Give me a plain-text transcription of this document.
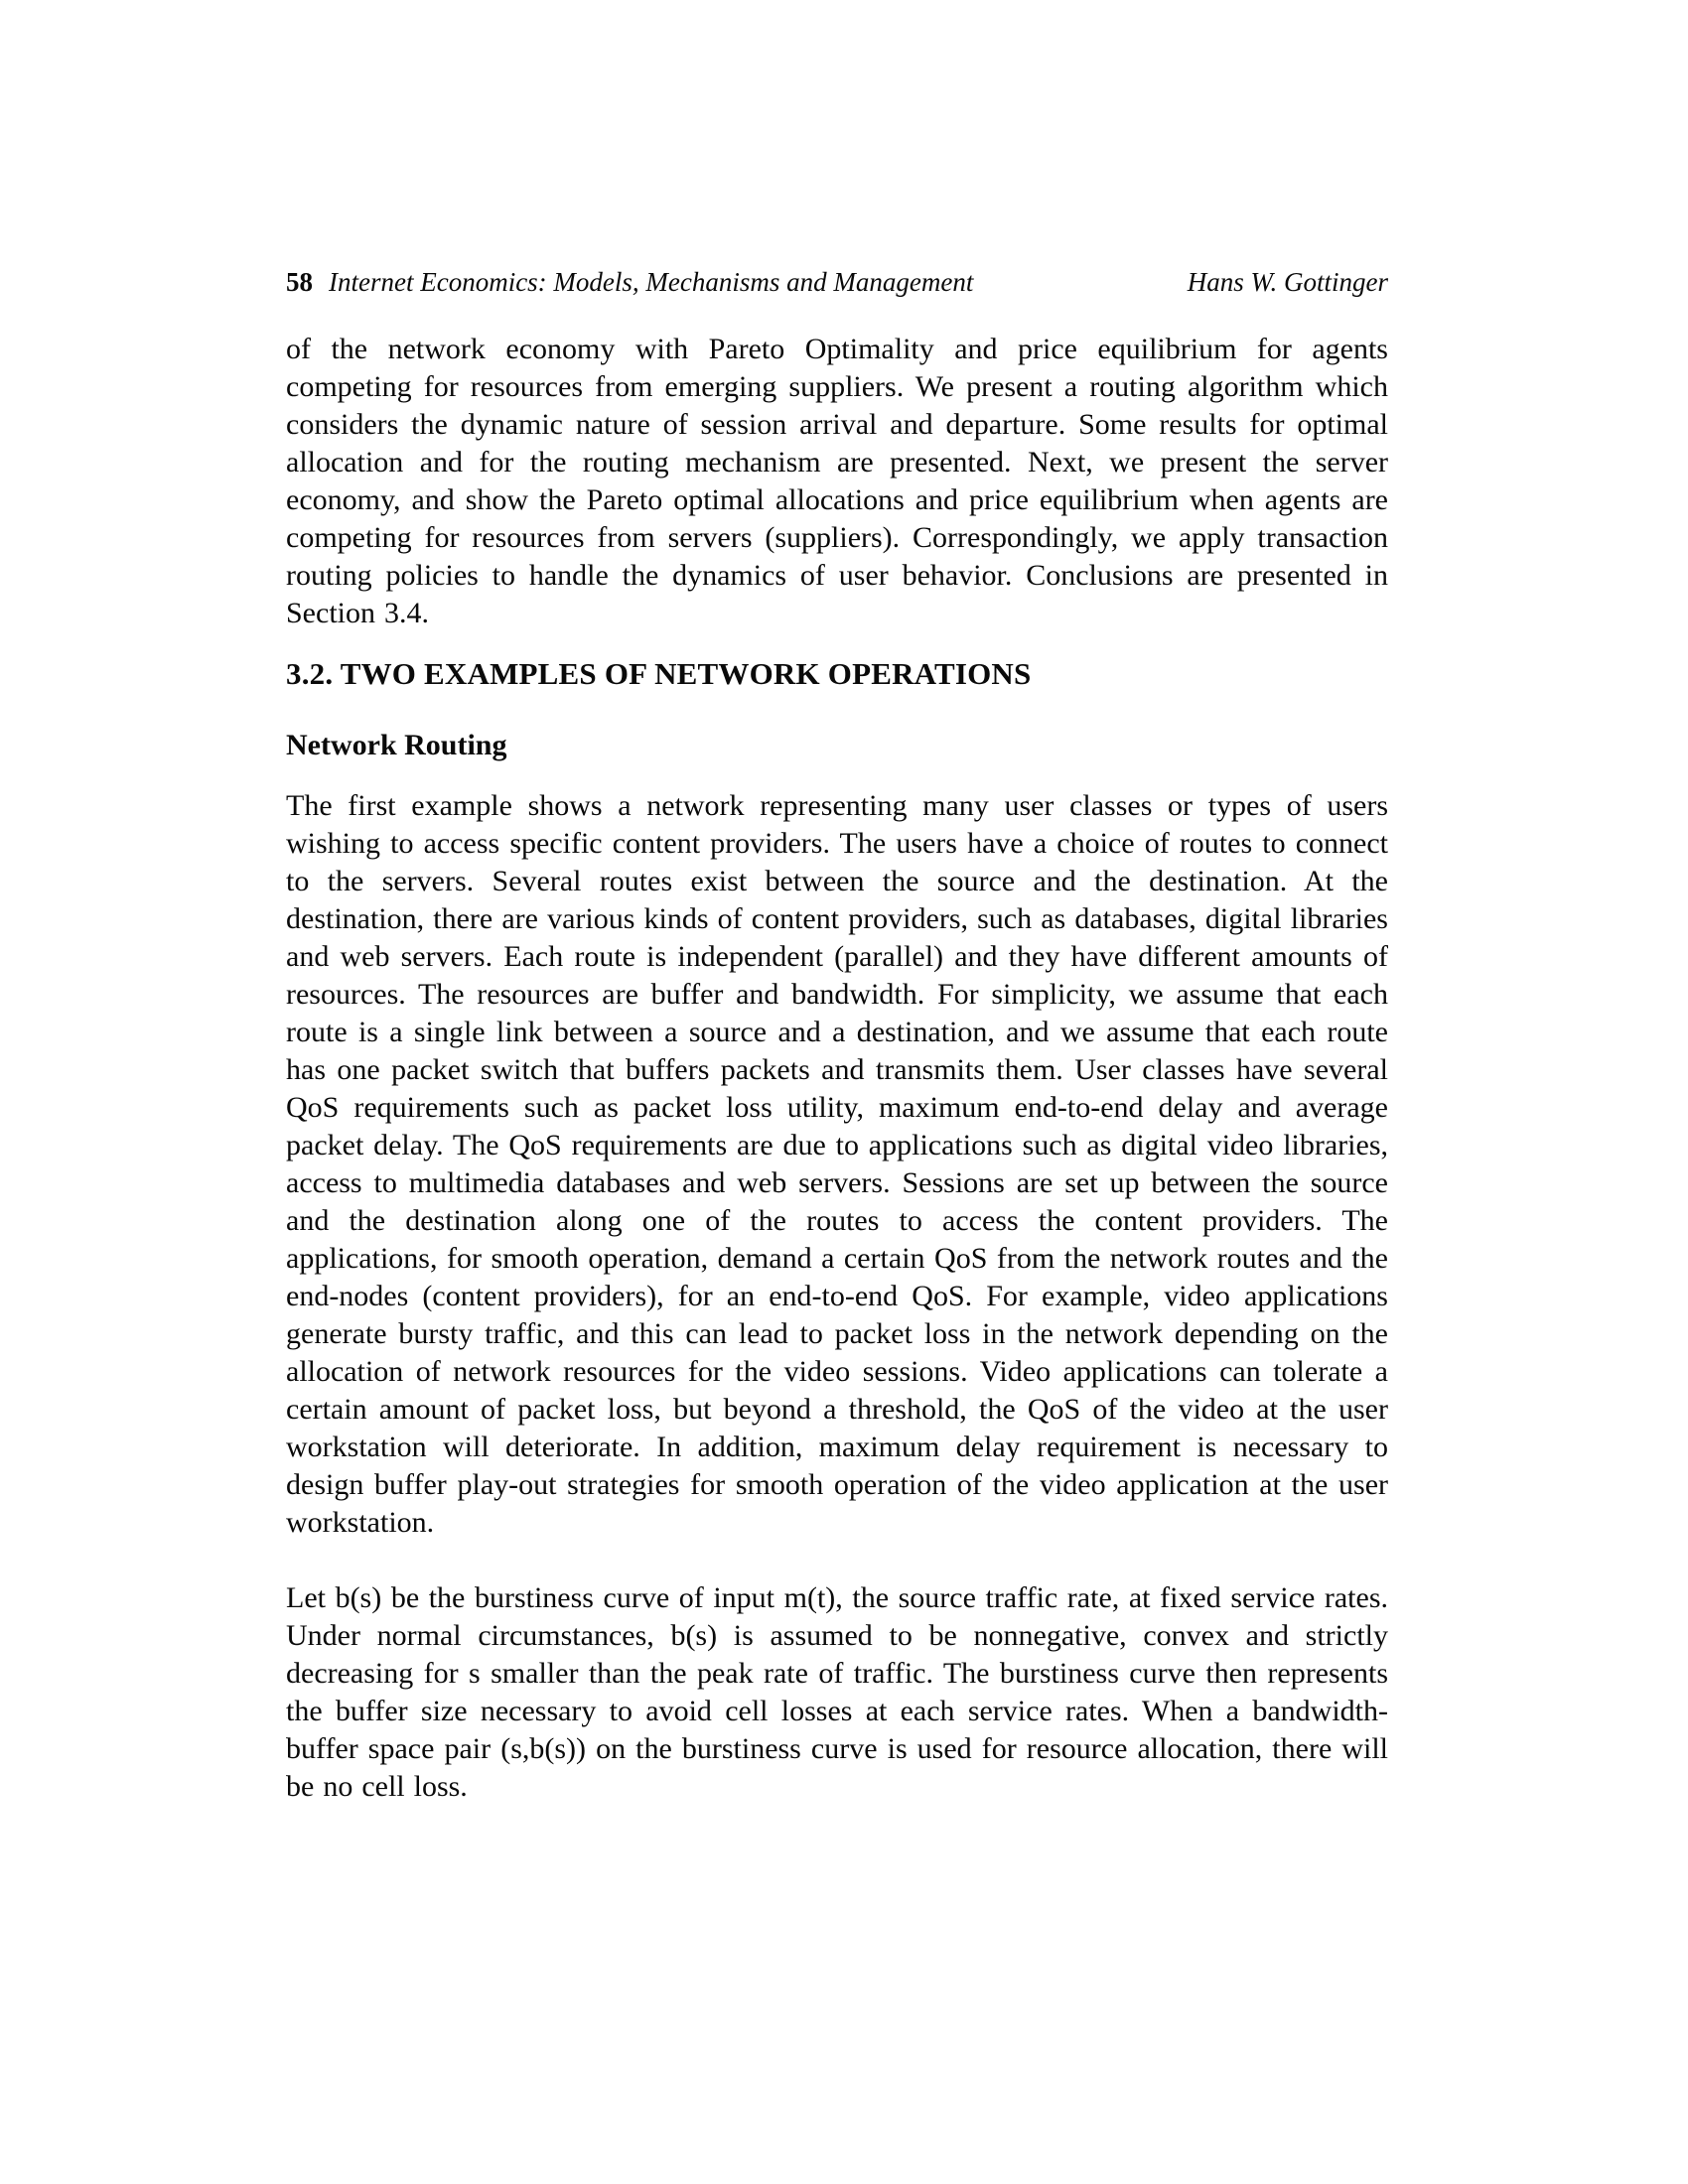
58 Internet Economics: Models, Mechanisms and Management	Hans W. Gottinger

of the network economy with Pareto Optimality and price equilibrium for agents competing for resources from emerging suppliers. We present a routing algorithm which considers the dynamic nature of session arrival and departure. Some results for optimal allocation and for the routing mechanism are presented. Next, we present the server economy, and show the Pareto optimal allocations and price equilibrium when agents are competing for resources from servers (suppliers). Correspondingly, we apply transaction routing policies to handle the dynamics of user behavior. Conclusions are presented in Section 3.4.

3.2. TWO EXAMPLES OF NETWORK OPERATIONS
Network Routing

The first example shows a network representing many user classes or types of users wishing to access specific content providers. The users have a choice of routes to connect to the servers. Several routes exist between the source and the destination. At the destination, there are various kinds of content providers, such as databases, digital libraries and web servers. Each route is independent (parallel) and they have different amounts of resources. The resources are buffer and bandwidth. For simplicity, we assume that each route is a single link between a source and a destination, and we assume that each route has one packet switch that buffers packets and transmits them. User classes have several QoS requirements such as packet loss utility, maximum end-to-end delay and average packet delay. The QoS requirements are due to applications such as digital video libraries, access to multimedia databases and web servers. Sessions are set up between the source and the destination along one of the routes to access the content providers. The applications, for smooth operation, demand a certain QoS from the network routes and the end-nodes (content providers), for an end-to-end QoS. For example, video applications generate bursty traffic, and this can lead to packet loss in the network depending on the allocation of network resources for the video sessions. Video applications can tolerate a certain amount of packet loss, but beyond a threshold, the QoS of the video at the user workstation will deteriorate. In addition, maximum delay requirement is necessary to design buffer play-out strategies for smooth operation of the video application at the user workstation.

Let b(s) be the burstiness curve of input m(t), the source traffic rate, at fixed service rates. Under normal circumstances, b(s) is assumed to be nonnegative, convex and strictly decreasing for s smaller than the peak rate of traffic. The burstiness curve then represents the buffer size necessary to avoid cell losses at each service rates. When a bandwidth-buffer space pair (s,b(s)) on the burstiness curve is used for resource allocation, there will be no cell loss.
